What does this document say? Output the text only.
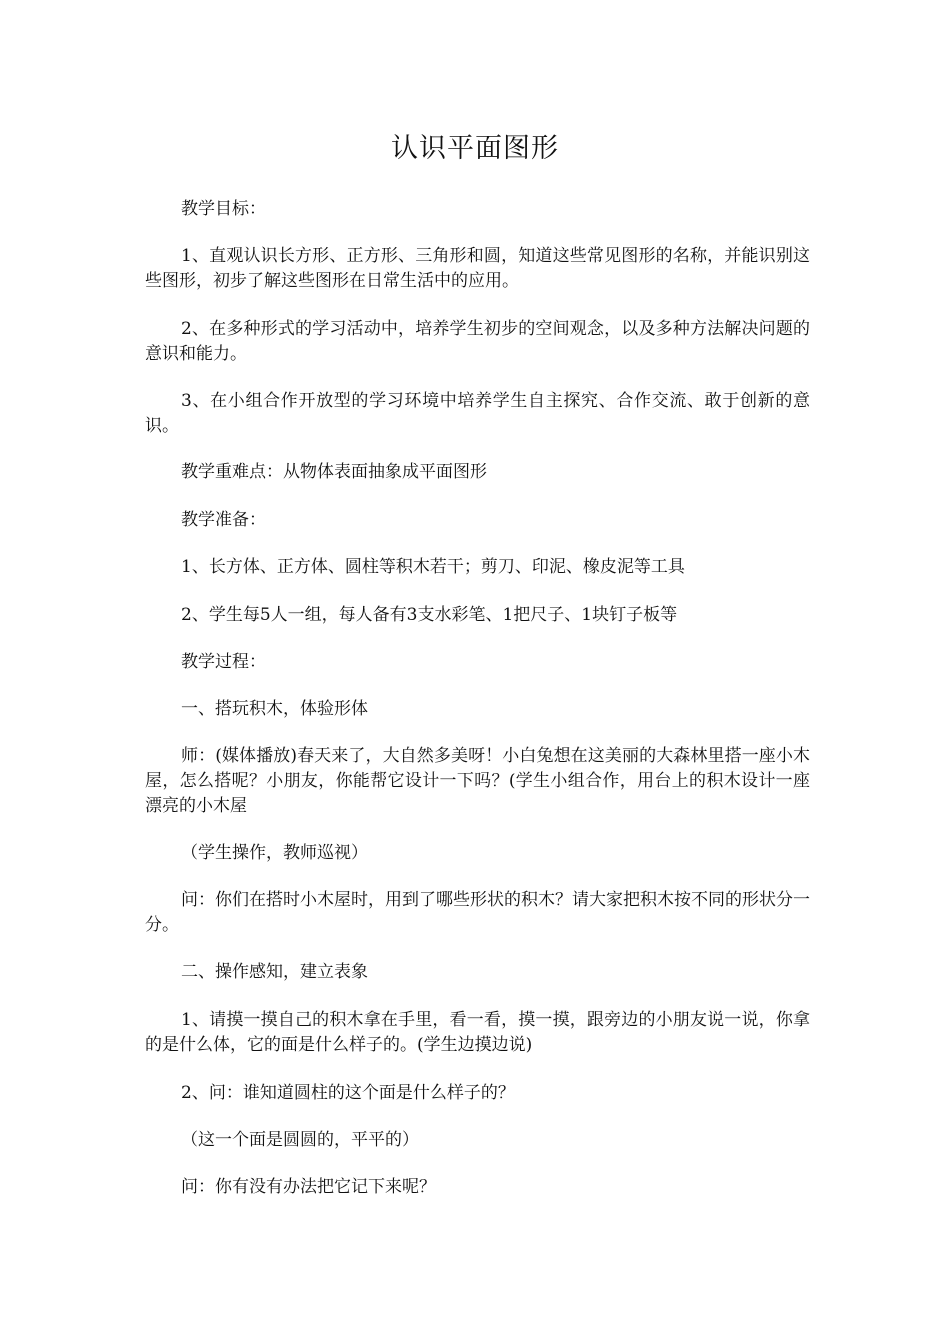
认识平面图形

教学目标：

1、直观认识长方形、正方形、三角形和圆，知道这些常见图形的名称，并能识别这些图形，初步了解这些图形在日常生活中的应用。

2、在多种形式的学习活动中，培养学生初步的空间观念，以及多种方法解决问题的意识和能力。

3、在小组合作开放型的学习环境中培养学生自主探究、合作交流、敢于创新的意识。

教学重难点：从物体表面抽象成平面图形

教学准备：

1、长方体、正方体、圆柱等积木若干；剪刀、印泥、橡皮泥等工具

2、学生每5人一组，每人备有3支水彩笔、1把尺子、1块钉子板等

教学过程：

一、搭玩积木，体验形体

师：(媒体播放)春天来了，大自然多美呀！小白兔想在这美丽的大森林里搭一座小木屋，怎么搭呢？小朋友，你能帮它设计一下吗？(学生小组合作，用台上的积木设计一座漂亮的小木屋

（学生操作，教师巡视）

问：你们在搭时小木屋时，用到了哪些形状的积木？请大家把积木按不同的形状分一分。

二、操作感知，建立表象

1、请摸一摸自己的积木拿在手里，看一看，摸一摸，跟旁边的小朋友说一说，你拿的是什么体，它的面是什么样子的。(学生边摸边说)

2、问：谁知道圆柱的这个面是什么样子的？

（这一个面是圆圆的，平平的）

问：你有没有办法把它记下来呢？
